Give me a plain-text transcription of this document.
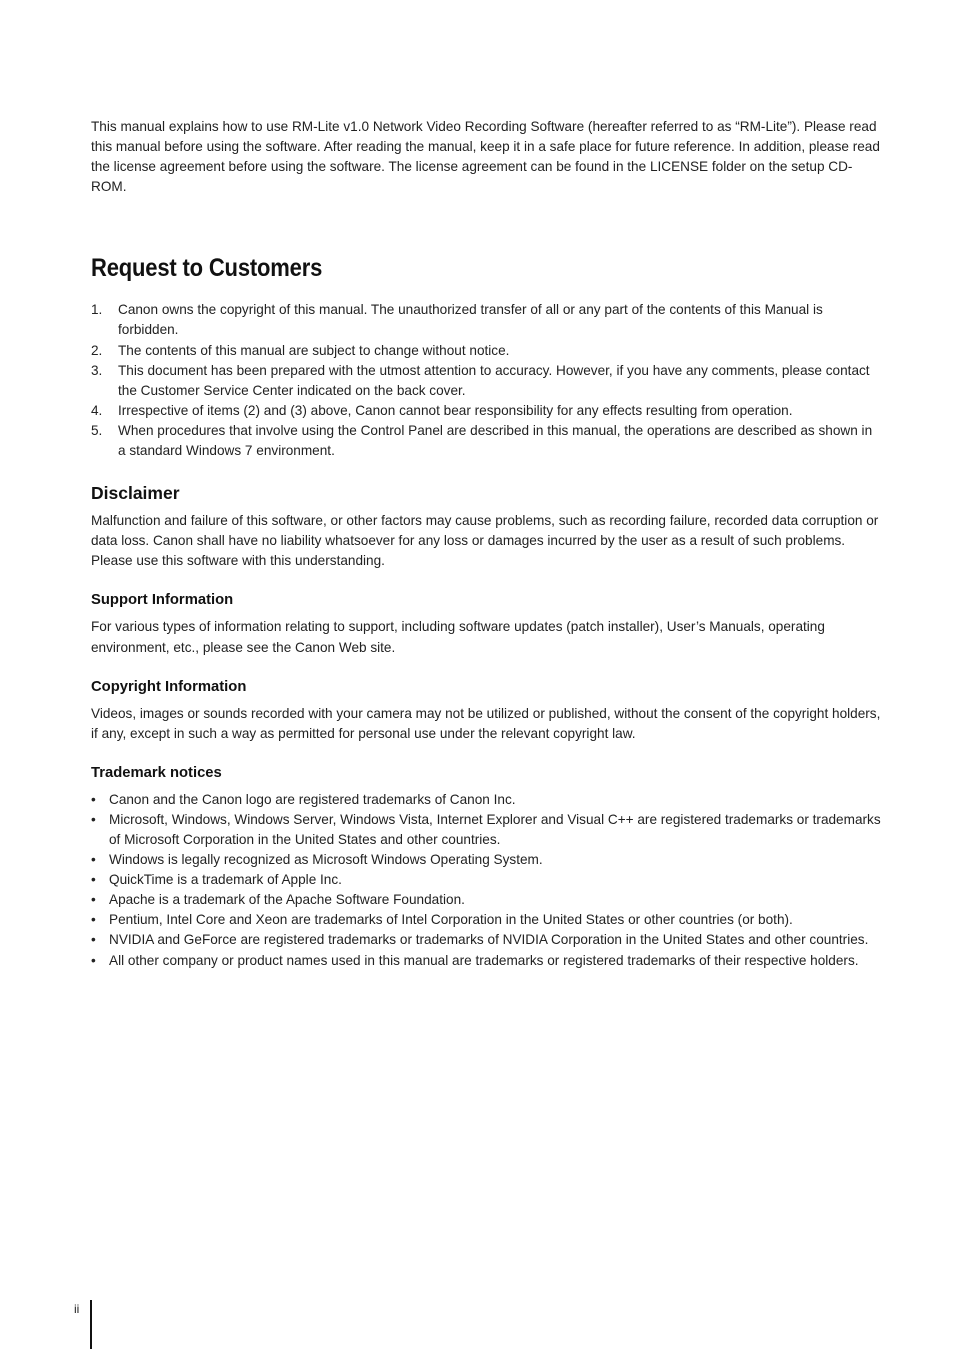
This manual explains how to use RM-Lite v1.0 Network Video Recording Software (hereafter referred to as “RM-Lite”). Please read this manual before using the software. After reading the manual, keep it in a safe place for future reference. In addition, please read the license agreement before using the software. The license agreement can be found in the LICENSE folder on the setup CD-ROM.

Request to Customers
1. Canon owns the copyright of this manual. The unauthorized transfer of all or any part of the contents of this Manual is forbidden.
2. The contents of this manual are subject to change without notice.
3. This document has been prepared with the utmost attention to accuracy. However, if you have any comments, please contact the Customer Service Center indicated on the back cover.
4. Irrespective of items (2) and (3) above, Canon cannot bear responsibility for any effects resulting from operation.
5. When procedures that involve using the Control Panel are described in this manual, the operations are described as shown in a standard Windows 7 environment.
Disclaimer

Malfunction and failure of this software, or other factors may cause problems, such as recording failure, recorded data corruption or data loss. Canon shall have no liability whatsoever for any loss or damages incurred by the user as a result of such problems. Please use this software with this understanding.

Support Information

For various types of information relating to support, including software updates (patch installer), User’s Manuals, operating environment, etc., please see the Canon Web site.

Copyright Information

Videos, images or sounds recorded with your camera may not be utilized or published, without the consent of the copyright holders, if any, except in such a way as permitted for personal use under the relevant copyright law.

Trademark notices
• Canon and the Canon logo are registered trademarks of Canon Inc.
• Microsoft, Windows, Windows Server, Windows Vista, Internet Explorer and Visual C++ are registered trademarks or trademarks of Microsoft Corporation in the United States and other countries.
• Windows is legally recognized as Microsoft Windows Operating System.
• QuickTime is a trademark of Apple Inc.
• Apache is a trademark of the Apache Software Foundation.
• Pentium, Intel Core and Xeon are trademarks of Intel Corporation in the United States or other countries (or both).
• NVIDIA and GeForce are registered trademarks or trademarks of NVIDIA Corporation in the United States and other countries.
• All other company or product names used in this manual are trademarks or registered trademarks of their respective holders.
ii
